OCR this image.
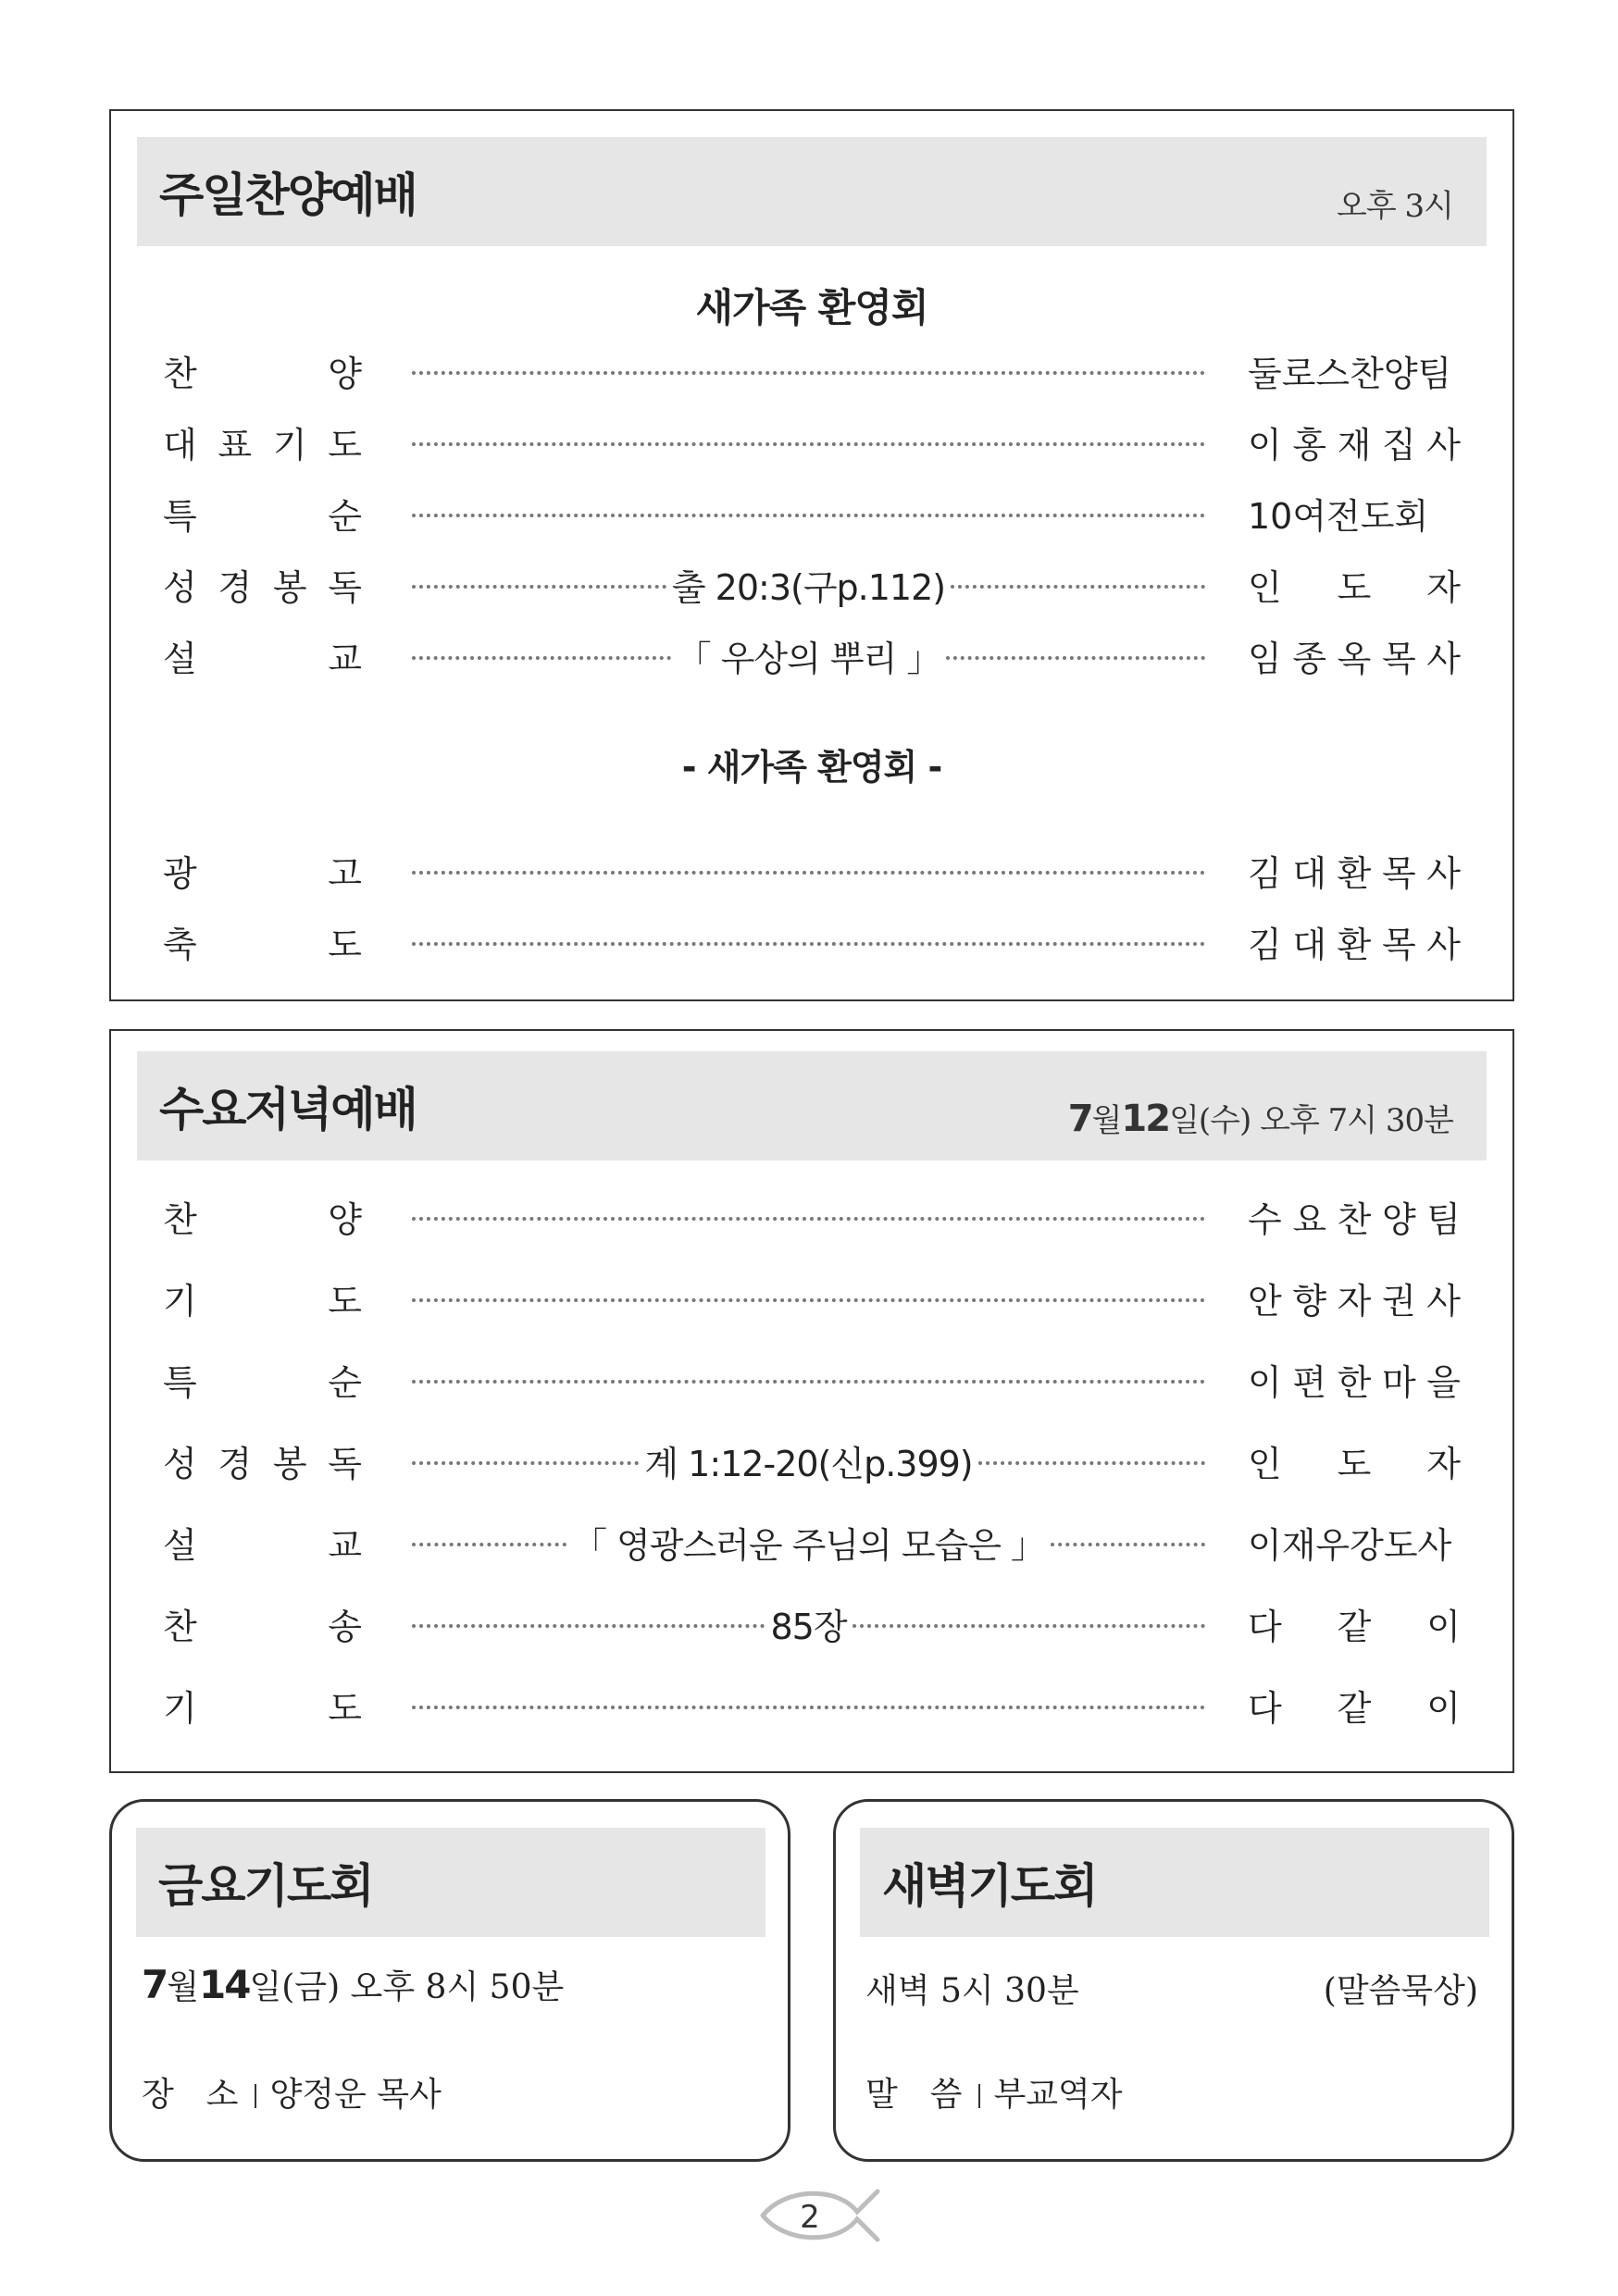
주일찬양예배	오후 3시
새가족 환영회
찬	양	둘로스찬양팀
대 표 기 도	이 홍 재 집 사
특	순	10여전도회
성 경 봉 독	출 20:3(구p.112)	인 도 자
설	교	「 우상의 뿌리 」	임 종 옥 목 사
- 새가족 환영회 -
광	고	김 대 환 목 사
축	도	김 대 환 목 사
수요저녁예배	7월12일(수) 오후 7시 30분
찬	양	수 요 찬 양 팀
기	도	안 향 자 권 사
특	순	이 편 한 마 을
성 경 봉 독	계 1:12-20(신p.399)	인 도 자
설	교	「 영광스러운 주님의 모습은 」	이재우강도사
찬	송	85장	다 같 이
기	도	다 같 이
금요기도회
7월14일(금) 오후 8시 50분
장  소 양정운 목사
새벽기도회
새벽 5시 30분	(말씀묵상)
말  씀 부교역자
2
